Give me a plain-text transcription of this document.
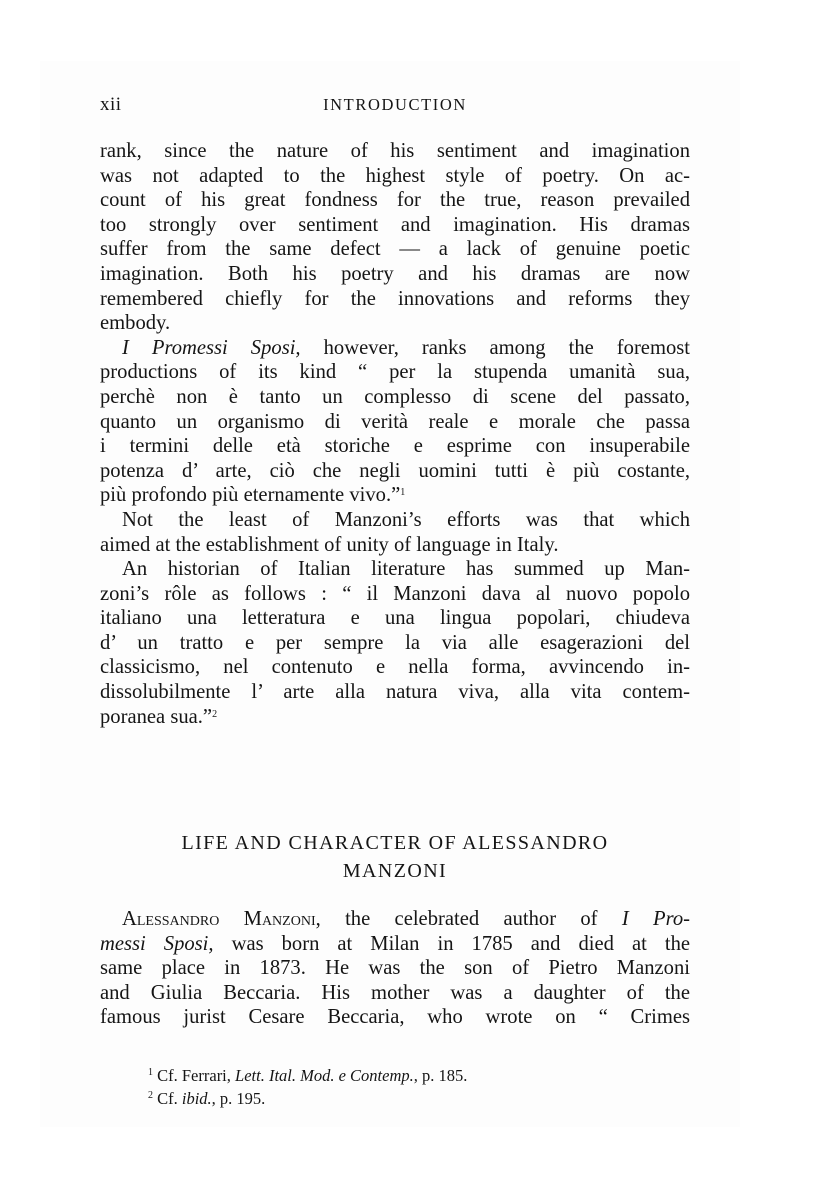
xii	INTRODUCTION
rank, since the nature of his sentiment and imagination
was not adapted to the highest style of poetry. On ac-
count of his great fondness for the true, reason prevailed
too strongly over sentiment and imagination. His dramas
suffer from the same defect — a lack of genuine poetic
imagination. Both his poetry and his dramas are now
remembered chiefly for the innovations and reforms they
embody.
I Promessi Sposi, however, ranks among the foremost
productions of its kind “ per la stupenda umanità sua,
perchè non è tanto un complesso di scene del passato,
quanto un organismo di verità reale e morale che passa
i termini delle età storiche e esprime con insuperabile
potenza d’ arte, ciò che negli uomini tutti è più costante,
più profondo più eternamente vivo.”$^1$
Not the least of Manzoni’s efforts was that which
aimed at the establishment of unity of language in Italy.
An historian of Italian literature has summed up Man-
zoni’s rôle as follows : “ il Manzoni dava al nuovo popolo
italiano una letteratura e una lingua popolari, chiudeva
d’ un tratto e per sempre la via alle esagerazioni del
classicismo, nel contenuto e nella forma, avvincendo in-
dissolubilmente l’ arte alla natura viva, alla vita contem-
poranea sua.”$^2$
LIFE AND CHARACTER OF ALESSANDRO
MANZONI
Alessandro Manzoni, the celebrated author of I Pro-
messi Sposi, was born at Milan in 1785 and died at the
same place in 1873. He was the son of Pietro Manzoni
and Giulia Beccaria. His mother was a daughter of the
famous jurist Cesare Beccaria, who wrote on “ Crimes
$^1$ Cf. Ferrari, Lett. Ital. Mod. e Contemp., p. 185.
$^2$ Cf. ibid., p. 195.
